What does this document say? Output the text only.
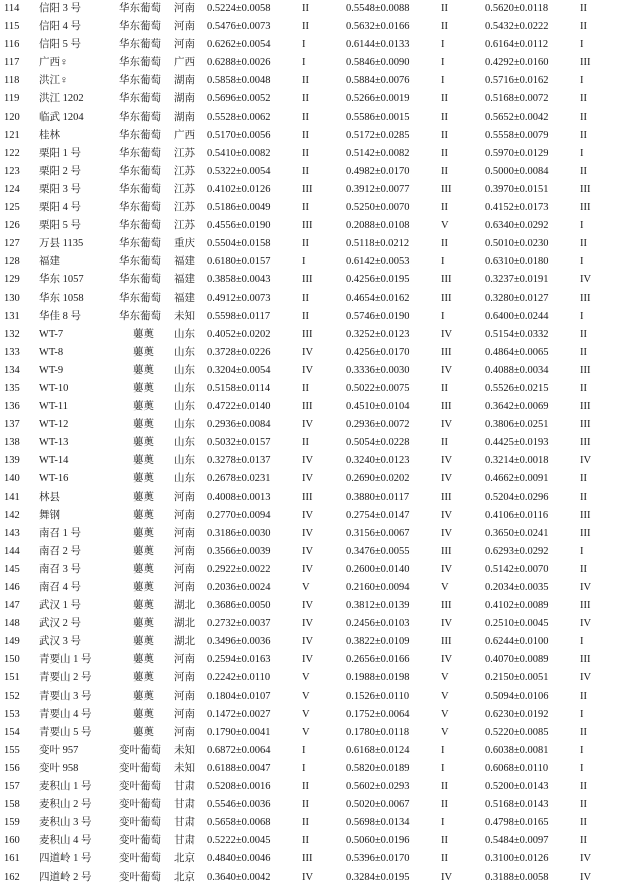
114	信阳 3 号	华东葡萄	河南	0.5224±0.0058	II	0.5548±0.0088	II	0.5620±0.0118	II
115	信阳 4 号	华东葡萄	河南	0.5476±0.0073	II	0.5632±0.0166	II	0.5432±0.0222	II
116	信阳 5 号	华东葡萄	河南	0.6262±0.0054	I	0.6144±0.0133	I	0.6164±0.0112	I
117	广西♀	华东葡萄	广西	0.6288±0.0026	I	0.5846±0.0090	I	0.4292±0.0160	III
118	洪江♀	华东葡萄	湖南	0.5858±0.0048	II	0.5884±0.0076	I	0.5716±0.0162	I
119	洪江 1202	华东葡萄	湖南	0.5696±0.0052	II	0.5266±0.0019	II	0.5168±0.0072	II
120	临武 1204	华东葡萄	湖南	0.5528±0.0062	II	0.5586±0.0015	II	0.5652±0.0042	II
121	桂林	华东葡萄	广西	0.5170±0.0056	II	0.5172±0.0285	II	0.5558±0.0079	II
122	栗阳 1 号	华东葡萄	江苏	0.5410±0.0082	II	0.5142±0.0082	II	0.5970±0.0129	I
123	栗阳 2 号	华东葡萄	江苏	0.5322±0.0054	II	0.4982±0.0170	II	0.5000±0.0084	II
124	栗阳 3 号	华东葡萄	江苏	0.4102±0.0126	III	0.3912±0.0077	III	0.3970±0.0151	III
125	栗阳 4 号	华东葡萄	江苏	0.5186±0.0049	II	0.5250±0.0070	II	0.4152±0.0173	III
126	栗阳 5 号	华东葡萄	江苏	0.4556±0.0190	III	0.2088±0.0108	V	0.6340±0.0292	I
127	万县 1135	华东葡萄	重庆	0.5504±0.0158	II	0.5118±0.0212	II	0.5010±0.0230	II
128	福建	华东葡萄	福建	0.6180±0.0157	I	0.6142±0.0053	I	0.6310±0.0180	I
129	华东 1057	华东葡萄	福建	0.3858±0.0043	III	0.4256±0.0195	III	0.3237±0.0191	IV
130	华东 1058	华东葡萄	福建	0.4912±0.0073	II	0.4654±0.0162	III	0.3280±0.0127	III
131	华佳 8 号	华东葡萄	未知	0.5598±0.0117	II	0.5746±0.0190	I	0.6400±0.0244	I
132	WT-7	蘡薁	山东	0.4052±0.0202	III	0.3252±0.0123	IV	0.5154±0.0332	II
133	WT-8	蘡薁	山东	0.3728±0.0226	IV	0.4256±0.0170	III	0.4864±0.0065	II
134	WT-9	蘡薁	山东	0.3204±0.0054	IV	0.3336±0.0030	IV	0.4088±0.0034	III
135	WT-10	蘡薁	山东	0.5158±0.0114	II	0.5022±0.0075	II	0.5526±0.0215	II
136	WT-11	蘡薁	山东	0.4722±0.0140	III	0.4510±0.0104	III	0.3642±0.0069	III
137	WT-12	蘡薁	山东	0.2936±0.0084	IV	0.2936±0.0072	IV	0.3806±0.0251	III
138	WT-13	蘡薁	山东	0.5032±0.0157	II	0.5054±0.0228	II	0.4425±0.0193	III
139	WT-14	蘡薁	山东	0.3278±0.0137	IV	0.3240±0.0123	IV	0.3214±0.0018	IV
140	WT-16	蘡薁	山东	0.2678±0.0231	IV	0.2690±0.0202	IV	0.4662±0.0091	II
141	林县	蘡薁	河南	0.4008±0.0013	III	0.3880±0.0117	III	0.5204±0.0296	II
142	舞钢	蘡薁	河南	0.2770±0.0094	IV	0.2754±0.0147	IV	0.4106±0.0116	III
143	南召 1 号	蘡薁	河南	0.3186±0.0030	IV	0.3156±0.0067	IV	0.3650±0.0241	III
144	南召 2 号	蘡薁	河南	0.3566±0.0039	IV	0.3476±0.0055	III	0.6293±0.0292	I
145	南召 3 号	蘡薁	河南	0.2922±0.0022	IV	0.2600±0.0140	IV	0.5142±0.0070	II
146	南召 4 号	蘡薁	河南	0.2036±0.0024	V	0.2160±0.0094	V	0.2034±0.0035	IV
147	武汉 1 号	蘡薁	湖北	0.3686±0.0050	IV	0.3812±0.0139	III	0.4102±0.0089	III
148	武汉 2 号	蘡薁	湖北	0.2732±0.0037	IV	0.2456±0.0103	IV	0.2510±0.0045	IV
149	武汉 3 号	蘡薁	湖北	0.3496±0.0036	IV	0.3822±0.0109	III	0.6244±0.0100	I
150	青要山 1 号	蘡薁	河南	0.2594±0.0163	IV	0.2656±0.0166	IV	0.4070±0.0089	III
151	青要山 2 号	蘡薁	河南	0.2242±0.0110	V	0.1988±0.0198	V	0.2150±0.0051	IV
152	青要山 3 号	蘡薁	河南	0.1804±0.0107	V	0.1526±0.0110	V	0.5094±0.0106	II
153	青要山 4 号	蘡薁	河南	0.1472±0.0027	V	0.1752±0.0064	V	0.6230±0.0192	I
154	青要山 5 号	蘡薁	河南	0.1790±0.0041	V	0.1780±0.0118	V	0.5220±0.0085	II
155	变叶 957	变叶葡萄	未知	0.6872±0.0064	I	0.6168±0.0124	I	0.6038±0.0081	I
156	变叶 958	变叶葡萄	未知	0.6188±0.0047	I	0.5820±0.0189	I	0.6068±0.0110	I
157	麦积山 1 号	变叶葡萄	甘肃	0.5208±0.0016	II	0.5602±0.0293	II	0.5200±0.0143	II
158	麦积山 2 号	变叶葡萄	甘肃	0.5546±0.0036	II	0.5020±0.0067	II	0.5168±0.0143	II
159	麦积山 3 号	变叶葡萄	甘肃	0.5658±0.0068	II	0.5698±0.0134	I	0.4798±0.0165	II
160	麦积山 4 号	变叶葡萄	甘肃	0.5222±0.0045	II	0.5060±0.0196	II	0.5484±0.0097	II
161	四道岭 1 号	变叶葡萄	北京	0.4840±0.0046	III	0.5396±0.0170	II	0.3100±0.0126	IV
162	四道岭 2 号	变叶葡萄	北京	0.3640±0.0042	IV	0.3284±0.0195	IV	0.3188±0.0058	IV
